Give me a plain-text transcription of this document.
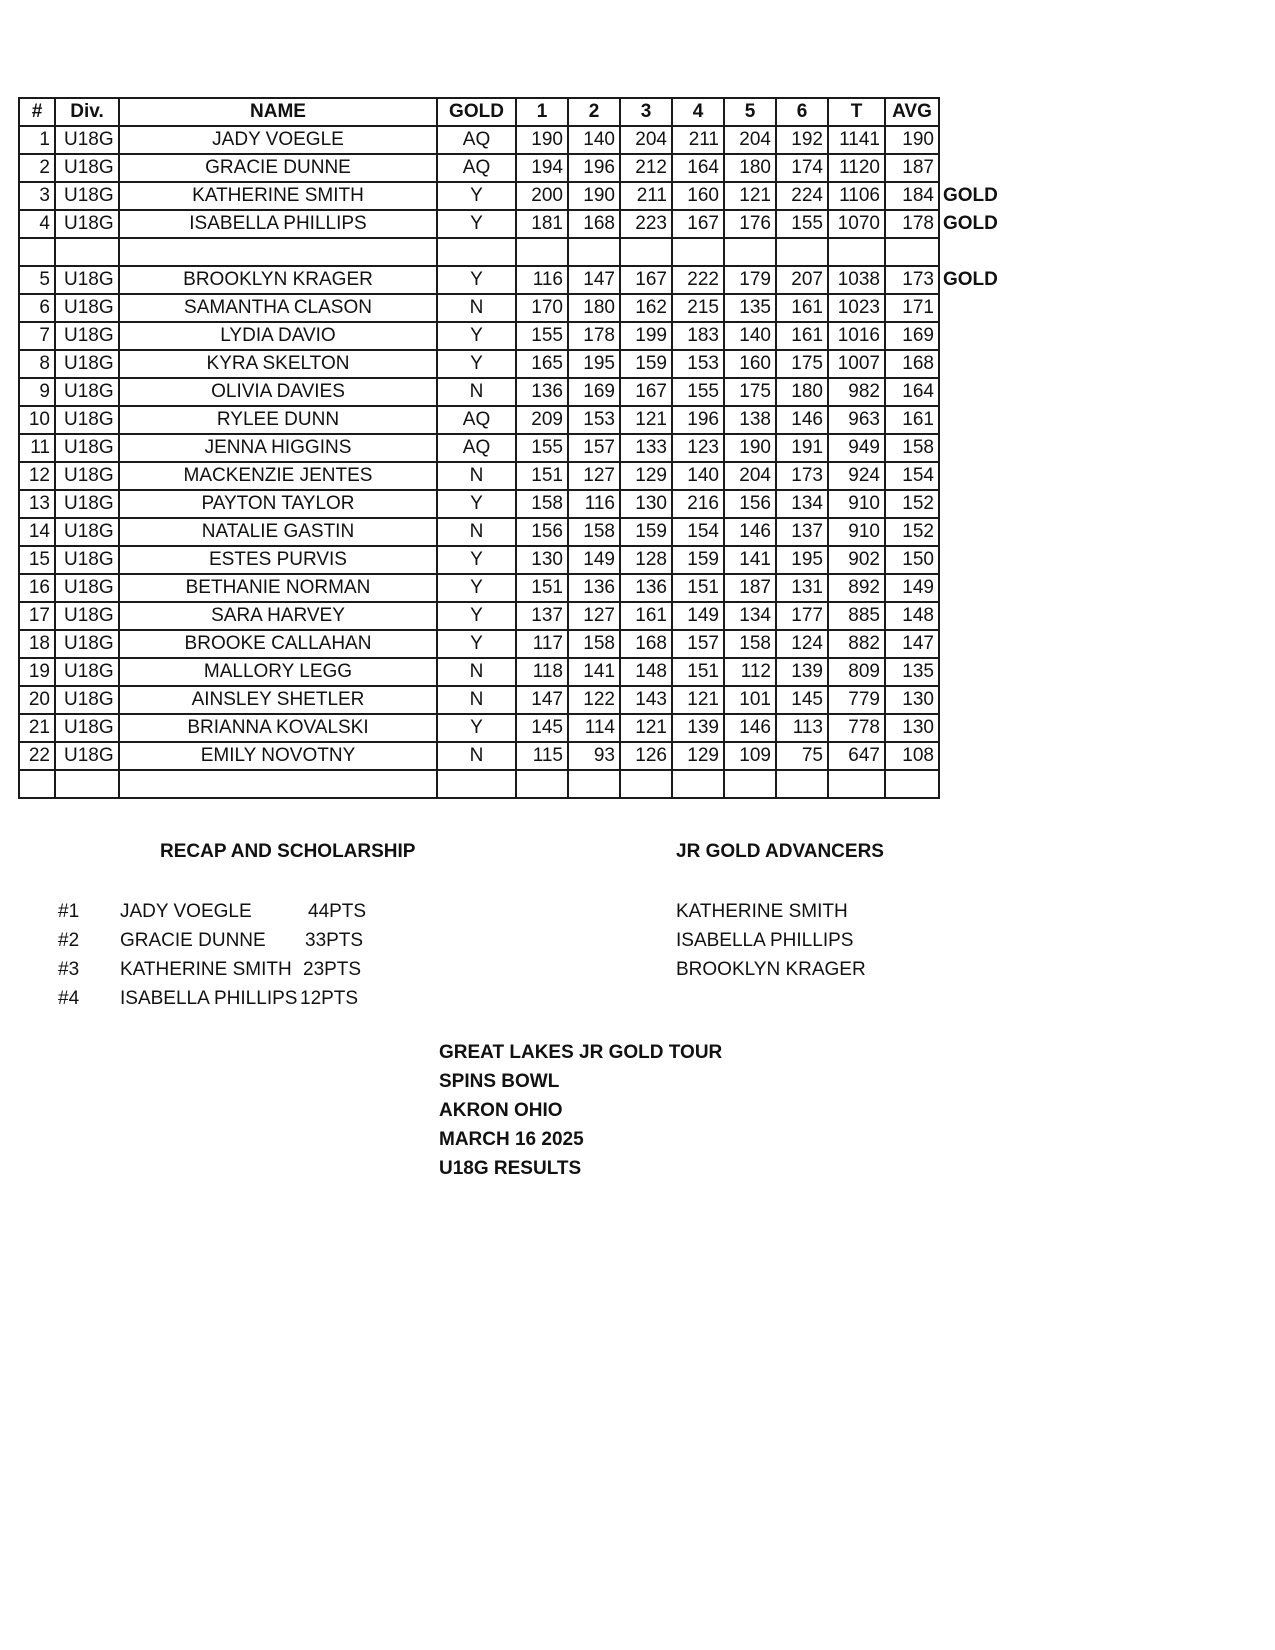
#	Div.	NAME	GOLD	1	2	3	4	5	6	T	AVG	
1	U18G	JADY VOEGLE	AQ	190	140	204	211	204	192	1141	190	
2	U18G	GRACIE DUNNE	AQ	194	196	212	164	180	174	1120	187	
3	U18G	KATHERINE SMITH	Y	200	190	211	160	121	224	1106	184	GOLD
4	U18G	ISABELLA PHILLIPS	Y	181	168	223	167	176	155	1070	178	GOLD

5	U18G	BROOKLYN KRAGER	Y	116	147	167	222	179	207	1038	173	GOLD
6	U18G	SAMANTHA CLASON	N	170	180	162	215	135	161	1023	171	
7	U18G	LYDIA DAVIO	Y	155	178	199	183	140	161	1016	169	
8	U18G	KYRA SKELTON	Y	165	195	159	153	160	175	1007	168	
9	U18G	OLIVIA DAVIES	N	136	169	167	155	175	180	982	164	
10	U18G	RYLEE DUNN	AQ	209	153	121	196	138	146	963	161	
11	U18G	JENNA HIGGINS	AQ	155	157	133	123	190	191	949	158	
12	U18G	MACKENZIE JENTES	N	151	127	129	140	204	173	924	154	
13	U18G	PAYTON TAYLOR	Y	158	116	130	216	156	134	910	152	
14	U18G	NATALIE GASTIN	N	156	158	159	154	146	137	910	152	
15	U18G	ESTES PURVIS	Y	130	149	128	159	141	195	902	150	
16	U18G	BETHANIE NORMAN	Y	151	136	136	151	187	131	892	149	
17	U18G	SARA HARVEY	Y	137	127	161	149	134	177	885	148	
18	U18G	BROOKE CALLAHAN	Y	117	158	168	157	158	124	882	147	
19	U18G	MALLORY LEGG	N	118	141	148	151	112	139	809	135	
20	U18G	AINSLEY SHETLER	N	147	122	143	121	101	145	779	130	
21	U18G	BRIANNA KOVALSKI	Y	145	114	121	139	146	113	778	130	
22	U18G	EMILY NOVOTNY	N	115	93	126	129	109	75	647	108	

RECAP AND SCHOLARSHIP	JR GOLD ADVANCERS
#1	JADY VOEGLE	44PTS
#2	GRACIE DUNNE	33PTS
#3	KATHERINE SMITH 23PTS
#4	ISABELLA PHILLIPS 12PTS
KATHERINE SMITH
ISABELLA PHILLIPS
BROOKLYN KRAGER
GREAT LAKES JR GOLD TOUR
SPINS BOWL
AKRON OHIO
MARCH 16 2025
U18G RESULTS
